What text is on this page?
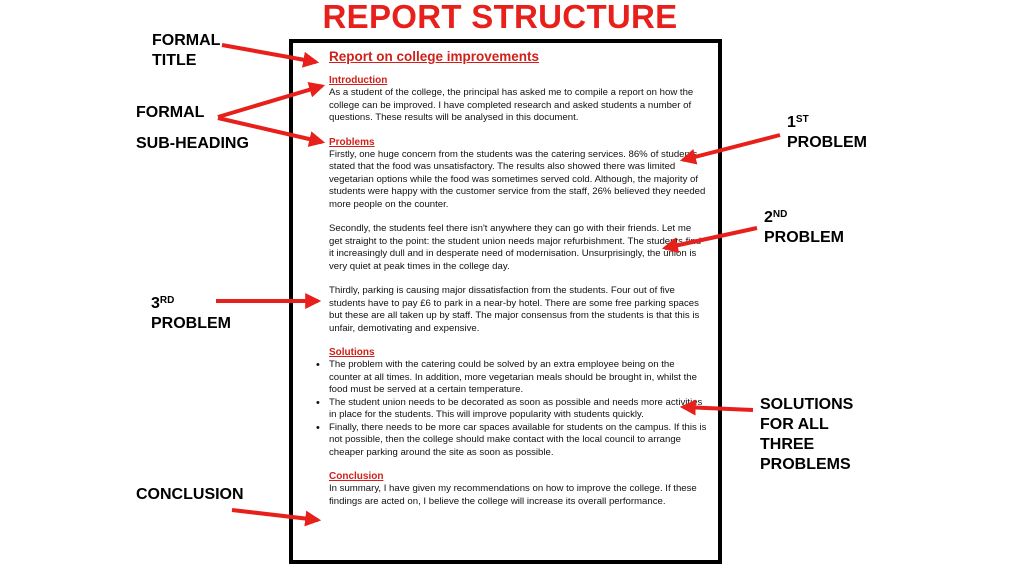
REPORT STRUCTURE
Report on college improvements
Introduction

As a student of the college, the principal has asked me to compile a report on how the college can be improved. I have completed research and asked students a number of questions. These results will be analysed in this document.

Problems

Firstly, one huge concern from the students was the catering services. 86% of students stated that the food was unsatisfactory. The results also showed there was limited vegetarian options while the food was sometimes served cold. Although, the majority of students were happy with the customer service from the staff, 26% believed they needed more people on the counter.

Secondly, the students feel there isn't anywhere they can go with their friends. Let me get straight to the point: the student union needs major refurbishment. The students find it increasingly dull and in desperate need of modernisation. Unsurprisingly, the union is very quiet at peak times in the college day.

Thirdly, parking is causing major dissatisfaction from the students. Four out of five students have to pay £6 to park in a near-by hotel. There are some free parking spaces but these are all taken up by staff. The major consensus from the students is that this is unfair, demotivating and expensive.

Solutions
• The problem with the catering could be solved by an extra employee being on the counter at all times. In addition, more vegetarian meals should be brought in, whilst the food must be served at a certain temperature.
• The student union needs to be decorated as soon as possible and needs more activities in place for the students. This will improve popularity with students quickly.
• Finally, there needs to be more car spaces available for students on the campus. If this is not possible, then the college should make contact with the local council to arrange cheaper parking around the site as soon as possible.
Conclusion

In summary, I have given my recommendations on how to improve the college. If these findings are acted on, I believe the college will increase its overall performance.

FORMAL
TITLE
FORMAL
SUB-HEADING
1ST
PROBLEM
2ND
PROBLEM
3RD
PROBLEM
SOLUTIONS
FOR ALL
THREE
PROBLEMS
CONCLUSION
